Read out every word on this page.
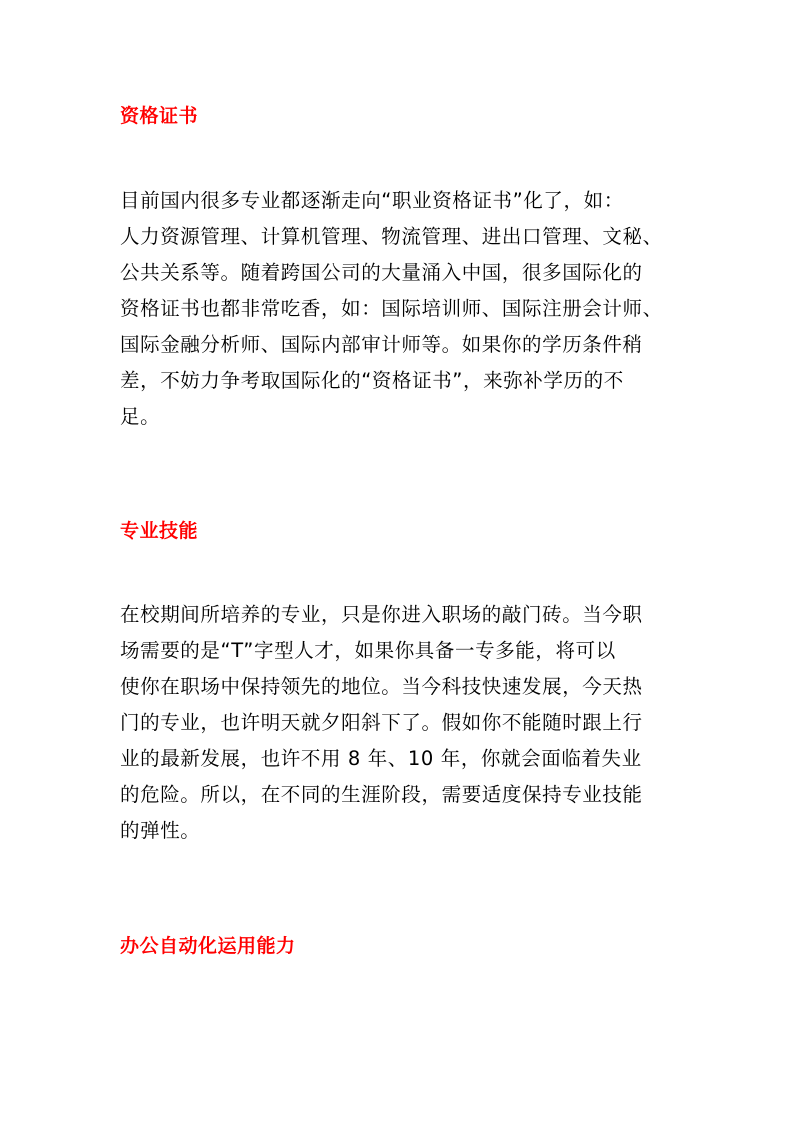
资格证书
目前国内很多专业都逐渐走向“职业资格证书”化了，如：
人力资源管理、计算机管理、物流管理、进出口管理、文秘、
公共关系等。随着跨国公司的大量涌入中国，很多国际化的
资格证书也都非常吃香，如：国际培训师、国际注册会计师、
国际金融分析师、国际内部审计师等。如果你的学历条件稍
差，不妨力争考取国际化的“资格证书”，来弥补学历的不
足。
专业技能
在校期间所培养的专业，只是你进入职场的敲门砖。当今职
场需要的是“T”字型人才，如果你具备一专多能，将可以
使你在职场中保持领先的地位。当今科技快速发展，今天热
门的专业，也许明天就夕阳斜下了。假如你不能随时跟上行
业的最新发展，也许不用 8 年、10 年，你就会面临着失业
的危险。所以，在不同的生涯阶段，需要适度保持专业技能
的弹性。
办公自动化运用能力
